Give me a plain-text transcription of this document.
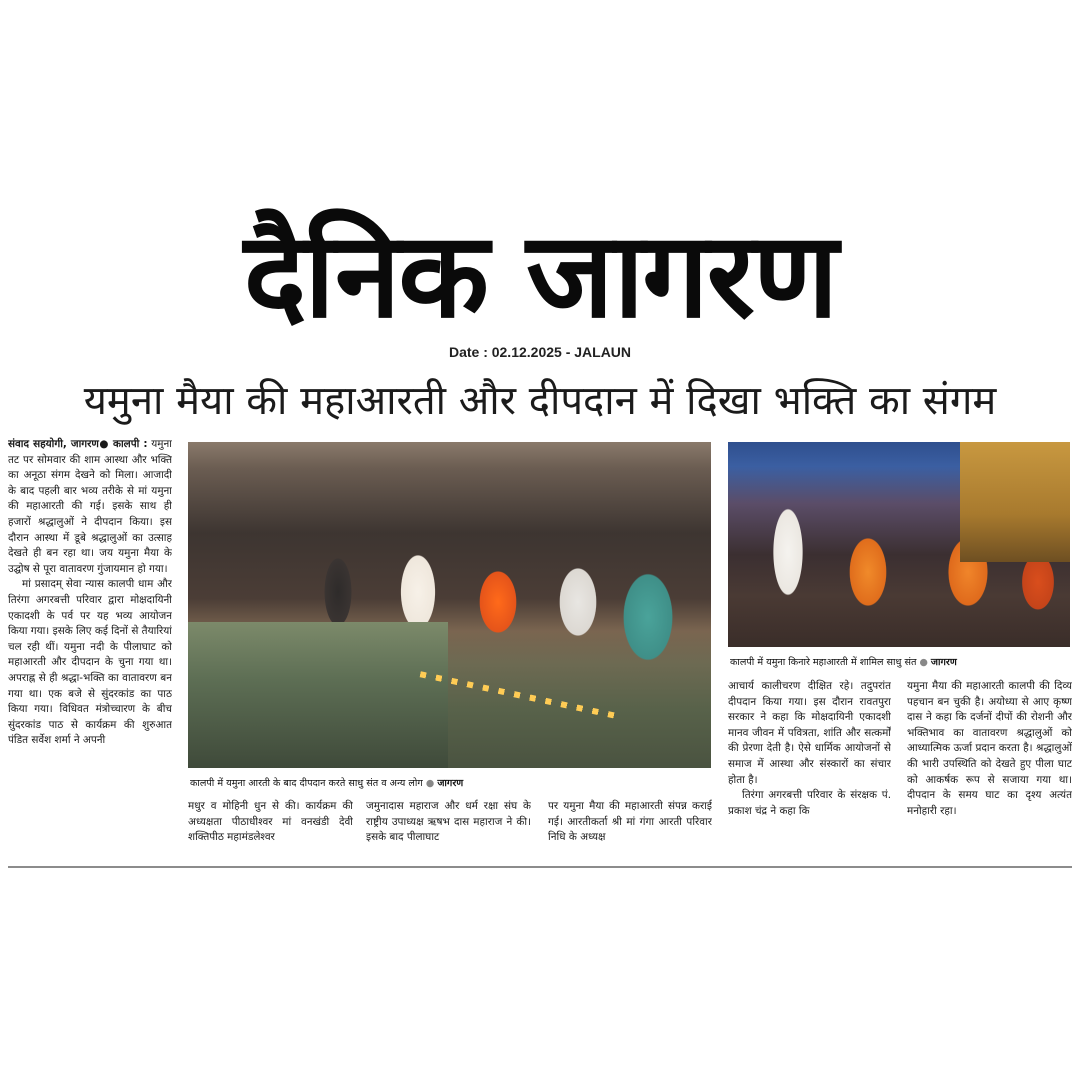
दैनिक जागरण
Date : 02.12.2025 - JALAUN
यमुना मैया की महाआरती और दीपदान में दिखा भक्ति का संगम

संवाद सहयोगी, जागरण● कालपी : यमुना तट पर सोमवार की शाम आस्था और भक्ति का अनूठा संगम देखने को मिला। आजादी के बाद पहली बार भव्य तरीके से मां यमुना की महाआरती की गई। इसके साथ ही हजारों श्रद्धालुओं ने दीपदान किया। इस दौरान आस्था में डूबे श्रद्धालुओं का उत्साह देखते ही बन रहा था। जय यमुना मैया के उद्घोष से पूरा वातावरण गुंजायमान हो गया।

मां प्रसादम् सेवा न्यास कालपी धाम और तिरंगा अगरबत्ती परिवार द्वारा मोक्षदायिनी एकादशी के पर्व पर यह भव्य आयोजन किया गया। इसके लिए कई दिनों से तैयारियां चल रही थीं। यमुना नदी के पीलाघाट को महाआरती और दीपदान के चुना गया था। अपराह्न से ही श्रद्धा-भक्ति का वातावरण बन गया था। एक बजे से सुंदरकांड का पाठ किया गया। विधिवत मंत्रोच्चारण के बीच सुंदरकांड पाठ से कार्यक्रम की शुरुआत पंडित सर्वेश शर्मा ने अपनी

कालपी में यमुना आरती के बाद दीपदान करते साधु संत व अन्य लोग ● जागरण
कालपी में यमुना किनारे महाआरती में शामिल साधु संत ● जागरण

मधुर व मोहिनी धुन से की। कार्यक्रम की अध्यक्षता पीठाधीश्वर मां वनखंडी देवी शक्तिपीठ महामंडलेश्वर

जमुनादास महाराज और धर्म रक्षा संघ के राष्ट्रीय उपाध्यक्ष ऋषभ दास महाराज ने की। इसके बाद पीलाघाट

पर यमुना मैया की महाआरती संपन्न कराई गई। आरतीकर्ता श्री मां गंगा आरती परिवार निधि के अध्यक्ष

आचार्य कालीचरण दीक्षित रहे। तदुपरांत दीपदान किया गया। इस दौरान रावतपुरा सरकार ने कहा कि मोक्षदायिनी एकादशी मानव जीवन में पवित्रता, शांति और सत्कर्मों की प्रेरणा देती है। ऐसे धार्मिक आयोजनों से समाज में आस्था और संस्कारों का संचार होता है।

तिरंगा अगरबत्ती परिवार के संरक्षक पं. प्रकाश चंद्र ने कहा कि

यमुना मैया की महाआरती कालपी की दिव्य पहचान बन चुकी है। अयोध्या से आए कृष्ण दास ने कहा कि दर्जनों दीपों की रोशनी और भक्तिभाव का वातावरण श्रद्धालुओं को आध्यात्मिक ऊर्जा प्रदान करता है। श्रद्धालुओं की भारी उपस्थिति को देखते हुए पीला घाट को आकर्षक रूप से सजाया गया था। दीपदान के समय घाट का दृश्य अत्यंत मनोहारी रहा।
